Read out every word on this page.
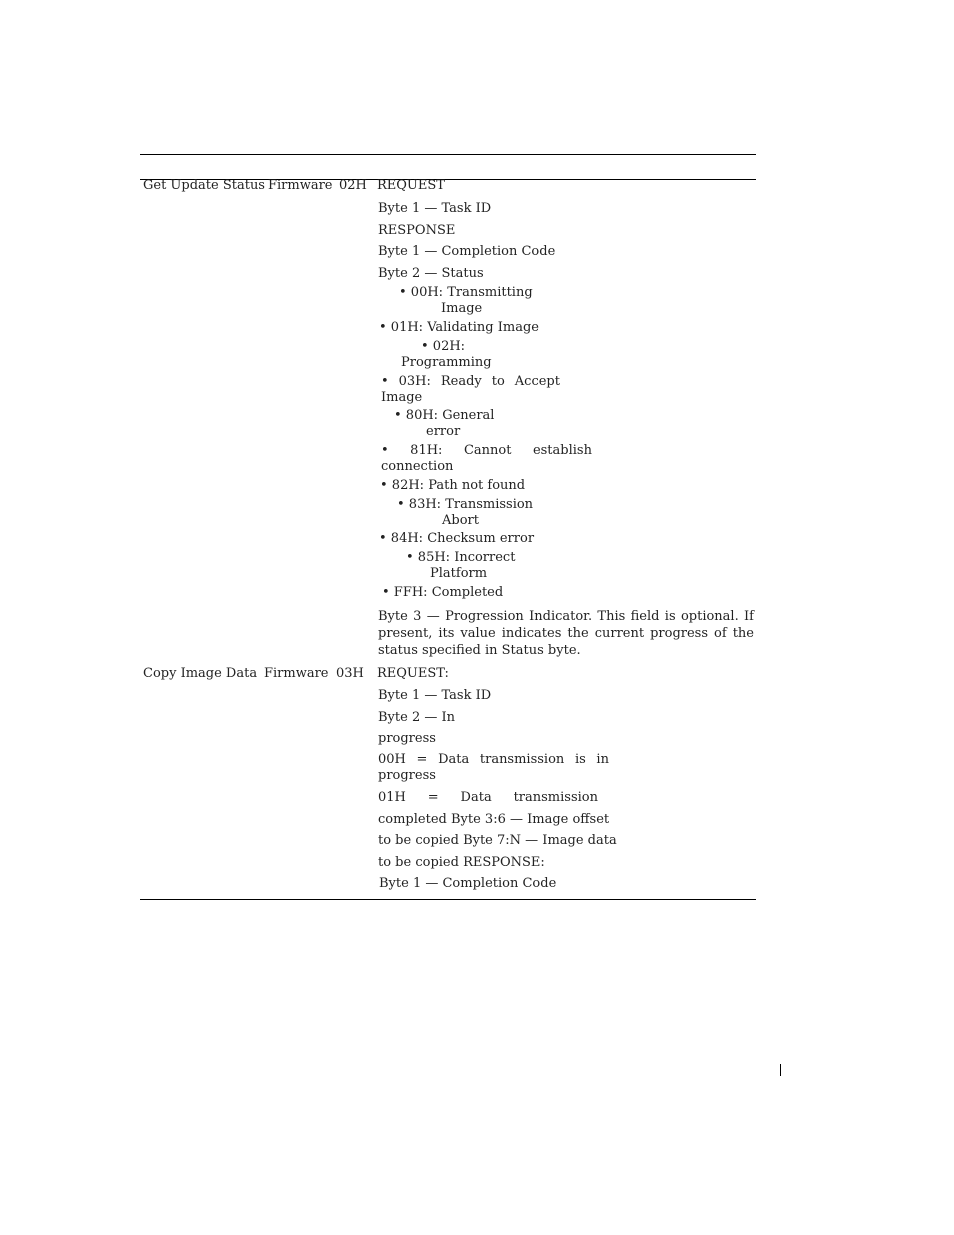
Get Update Status Firmware 02H REQUEST
Byte 1 — Task ID
RESPONSE
Byte 1 — Completion Code
Byte 2 — Status
• 00H: Transmitting
Image
• 01H: Validating Image
• 02H:
Programming
• 03H: Ready to Accept
Image
• 80H: General
error
• 81H: Cannot establish
connection
• 82H: Path not found
• 83H: Transmission
Abort
• 84H: Checksum error
• 85H: Incorrect
Platform
• FFH: Completed
Byte 3 — Progression Indicator. This field is optional. If present, its value indicates the current progress of the status specified in Status byte.
Copy Image Data Firmware 03H REQUEST:
Byte 1 — Task ID
Byte 2 — In
progress
00H = Data transmission is in
progress
01H = Data transmission
completed Byte 3:6 — Image offset
to be copied Byte 7:N — Image data
to be copied RESPONSE:
Byte 1 — Completion Code
